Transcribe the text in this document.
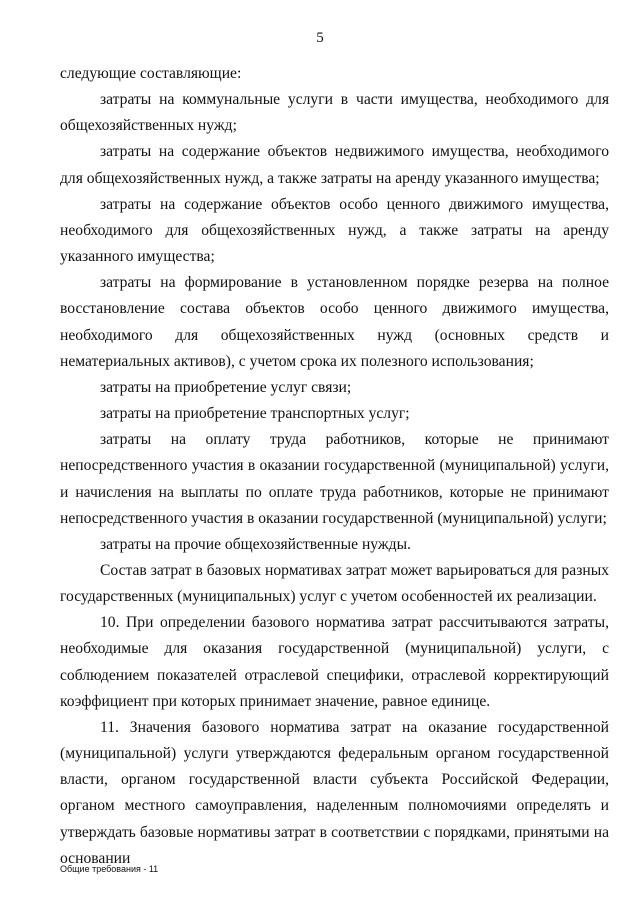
5

следующие составляющие:

затраты на коммунальные услуги в части имущества, необходимого для общехозяйственных нужд;

затраты на содержание объектов недвижимого имущества, необходимого для общехозяйственных нужд, а также затраты на аренду указанного имущества;

затраты на содержание объектов особо ценного движимого имущества, необходимого для общехозяйственных нужд, а также затраты на аренду указанного имущества;

затраты на формирование в установленном порядке резерва на полное восстановление состава объектов особо ценного движимого имущества, необходимого для общехозяйственных нужд (основных средств и нематериальных активов), с учетом срока их полезного использования;

затраты на приобретение услуг связи;

затраты на приобретение транспортных услуг;

затраты на оплату труда работников, которые не принимают непосредственного участия в оказании государственной (муниципальной) услуги, и начисления на выплаты по оплате труда работников, которые не принимают непосредственного участия в оказании государственной (муниципальной) услуги;

затраты на прочие общехозяйственные нужды.

Состав затрат в базовых нормативах затрат может варьироваться для разных государственных (муниципальных) услуг с учетом особенностей их реализации.

10. При определении базового норматива затрат рассчитываются затраты, необходимые для оказания государственной (муниципальной) услуги, с соблюдением показателей отраслевой специфики, отраслевой корректирующий коэффициент при которых принимает значение, равное единице.

11. Значения базового норматива затрат на оказание государственной (муниципальной) услуги утверждаются федеральным органом государственной власти, органом государственной власти субъекта Российской Федерации, органом местного самоуправления, наделенным полномочиями определять и утверждать базовые нормативы затрат в соответствии с порядками, принятыми на основании

Общие требования - 11
